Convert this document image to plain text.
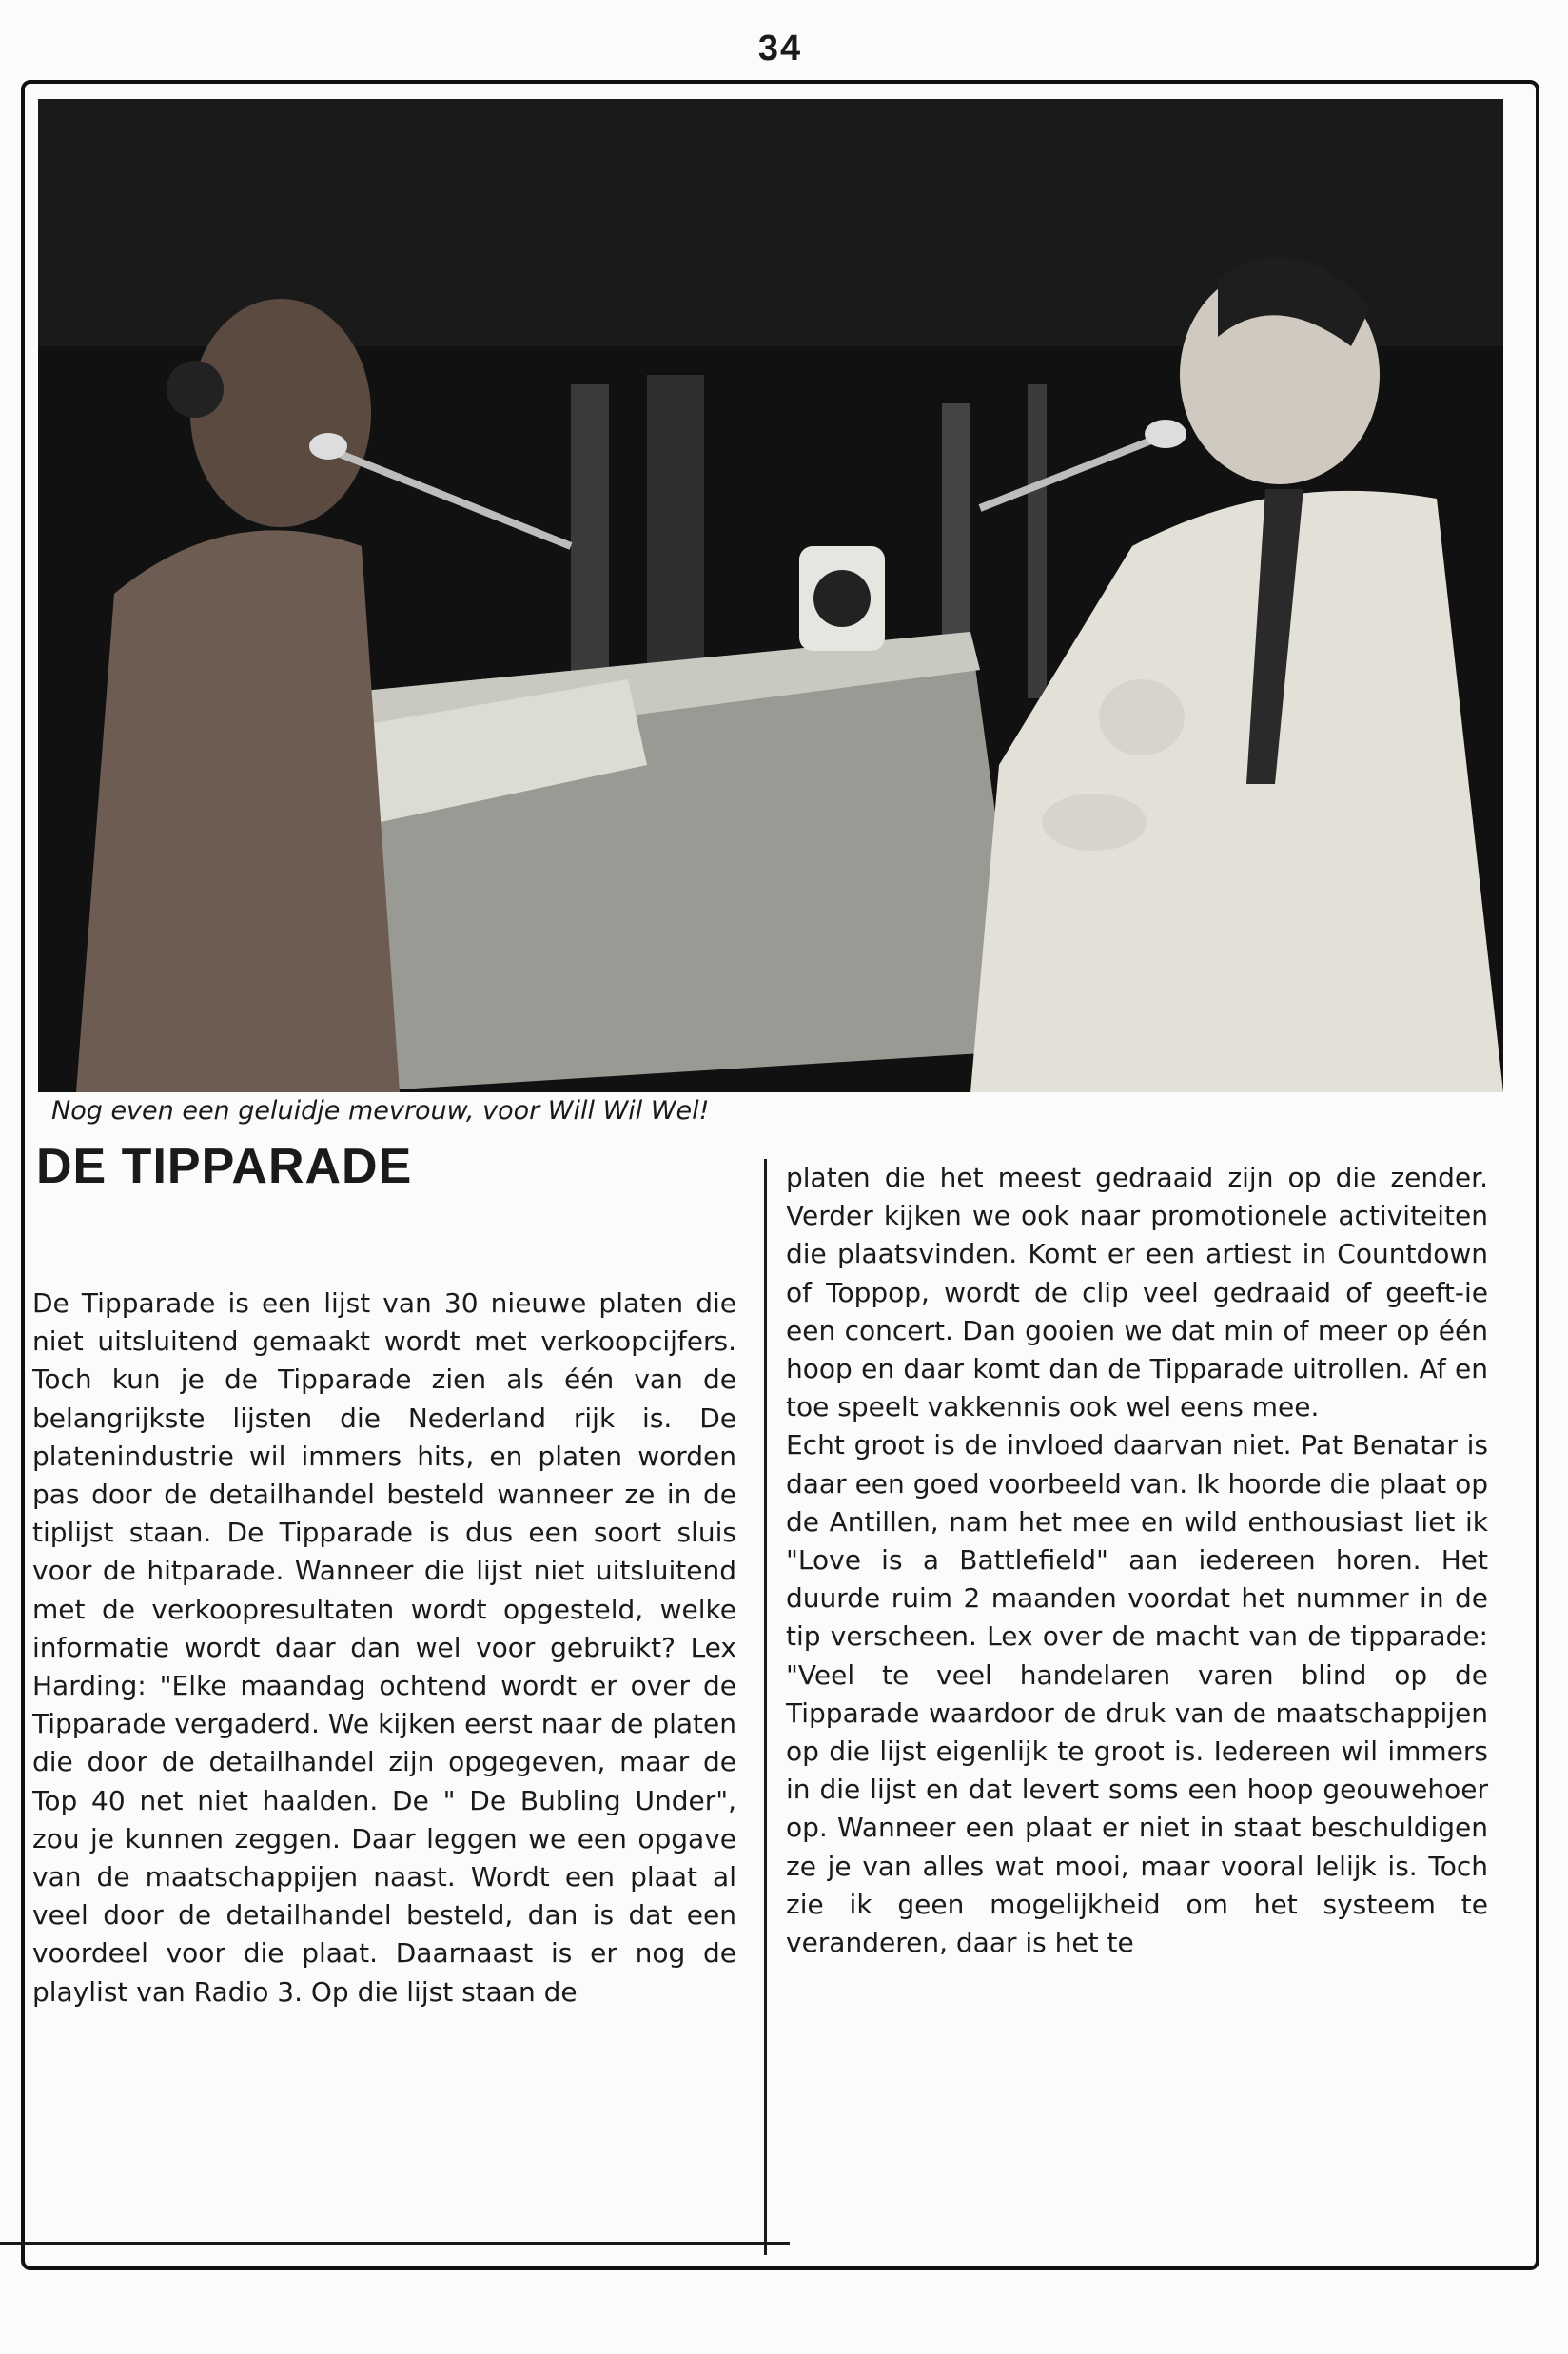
34
Nog even een geluidje mevrouw, voor Will Wil Wel!
DE TIPPARADE

De Tipparade is een lijst van 30 nieuwe platen die niet uitsluitend gemaakt wordt met verkoopcijfers. Toch kun je de Tipparade zien als één van de belangrijkste lijsten die Nederland rijk is. De platenindustrie wil immers hits, en platen worden pas door de detailhandel besteld wanneer ze in de tiplijst staan. De Tipparade is dus een soort sluis voor de hitparade. Wanneer die lijst niet uitsluitend met de verkoopresultaten wordt opgesteld, welke informatie wordt daar dan wel voor gebruikt? Lex Harding: "Elke maandag ochtend wordt er over de Tipparade vergaderd. We kijken eerst naar de platen die door de detailhandel zijn opgegeven, maar de Top 40 net niet haalden. De " De Bubling Under", zou je kunnen zeggen. Daar leggen we een opgave van de maatschappijen naast. Wordt een plaat al veel door de detailhandel besteld, dan is dat een voordeel voor die plaat. Daarnaast is er nog de playlist van Radio 3. Op die lijst staan de

platen die het meest gedraaid zijn op die zender. Verder kijken we ook naar promotionele activiteiten die plaatsvinden. Komt er een artiest in Countdown of Toppop, wordt de clip veel gedraaid of geeft-ie een concert. Dan gooien we dat min of meer op één hoop en daar komt dan de Tipparade uitrollen. Af en toe speelt vakkennis ook wel eens mee.

Echt groot is de invloed daarvan niet. Pat Benatar is daar een goed voorbeeld van. Ik hoorde die plaat op de Antillen, nam het mee en wild enthousiast liet ik "Love is a Battlefield" aan iedereen horen. Het duurde ruim 2 maanden voordat het nummer in de tip verscheen. Lex over de macht van de tipparade: "Veel te veel handelaren varen blind op de Tipparade waardoor de druk van de maatschappijen op die lijst eigenlijk te groot is. Iedereen wil immers in die lijst en dat levert soms een hoop geouwehoer op. Wanneer een plaat er niet in staat beschuldigen ze je van alles wat mooi, maar vooral lelijk is. Toch zie ik geen mogelijkheid om het systeem te veranderen, daar is het te
